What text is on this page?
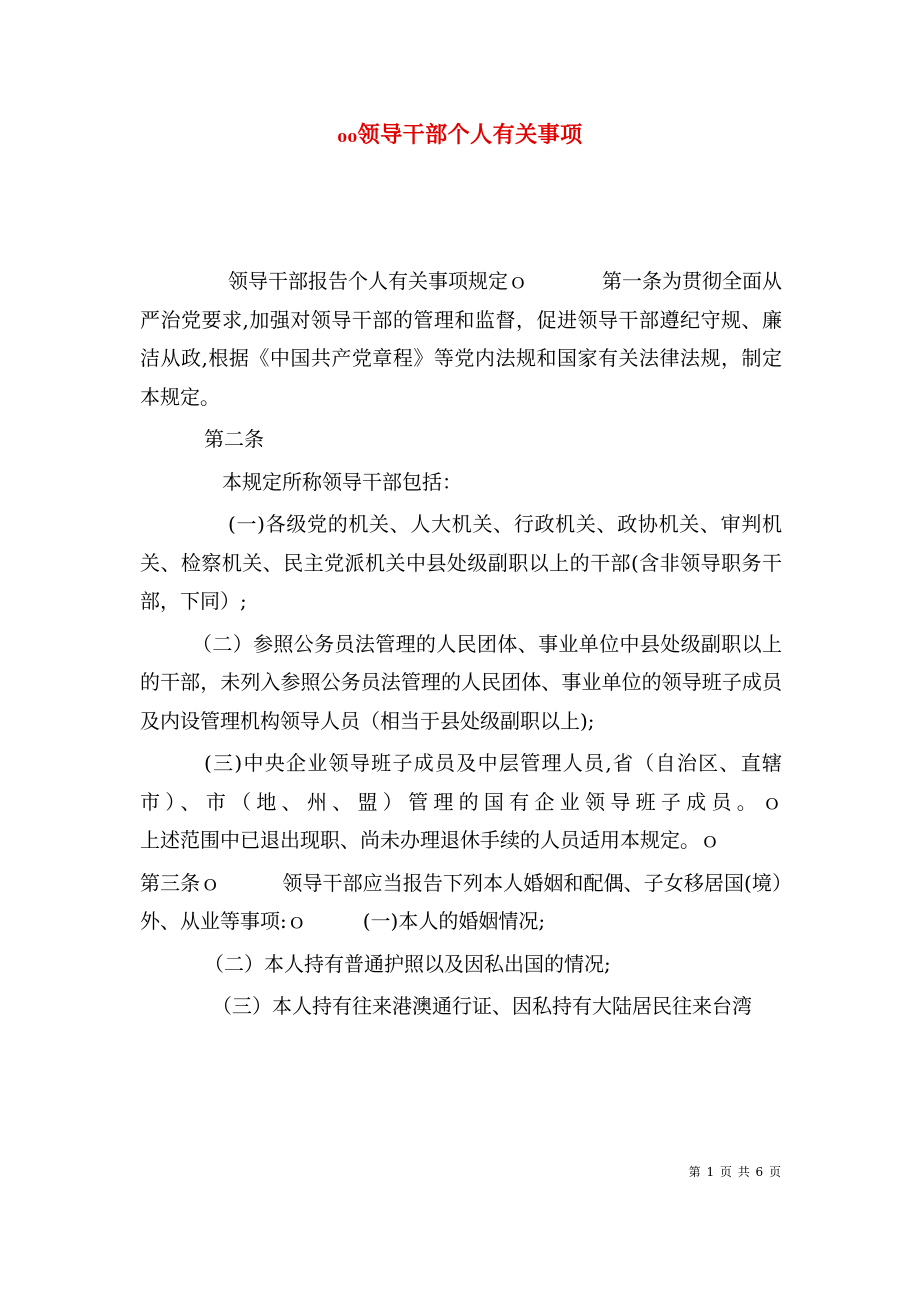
₀₀领导干部个人有关事项

领导干部报告个人有关事项规定ｏ	第一条为贯彻全面从严治党要求,加强对领导干部的管理和监督，促进领导干部遵纪守规、廉洁从政,根据《中国共产党章程》等党内法规和国家有关法律法规，制定本规定。

第二条

本规定所称领导干部包括：

(一)各级党的机关、人大机关、行政机关、政协机关、审判机关、检察机关、民主党派机关中县处级副职以上的干部(含非领导职务干部，下同）;

（二）参照公务员法管理的人民团体、事业单位中县处级副职以上的干部，未列入参照公务员法管理的人民团体、事业单位的领导班子成员及内设管理机构领导人员（相当于县处级副职以上);

(三)中央企业领导班子成员及中层管理人员,省（自治区、直辖市）、市（地、州、盟）管理的国有企业领导班子成员。ｏ

上述范围中已退出现职、尚未办理退休手续的人员适用本规定。ｏ

第三条ｏ	领导干部应当报告下列本人婚姻和配偶、子女移居国(境）外、从业等事项:ｏ	(一)本人的婚姻情况;

（二）本人持有普通护照以及因私出国的情况;

（三）本人持有往来港澳通行证、因私持有大陆居民往来台湾

第 1 页 共 6 页
